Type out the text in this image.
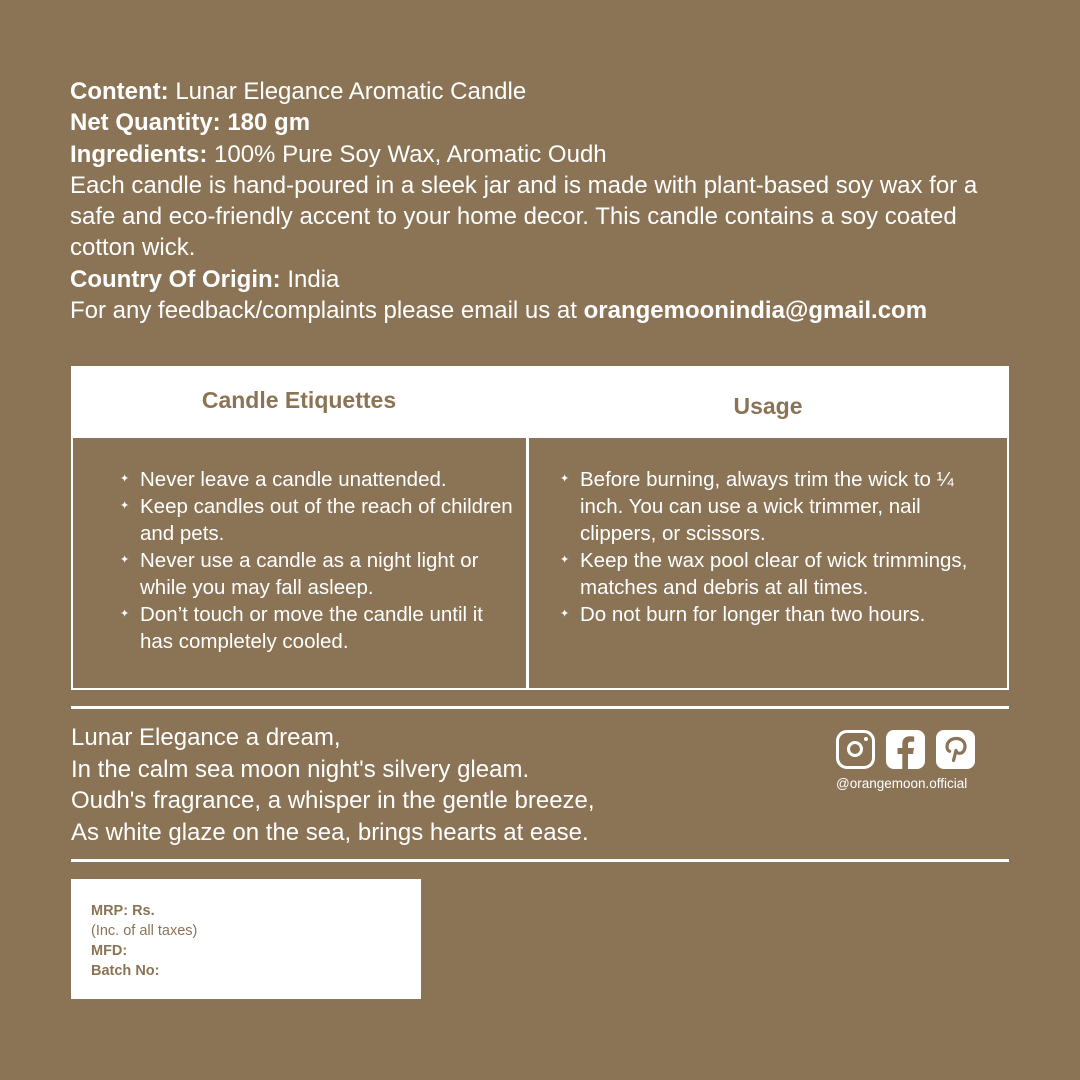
Content: Lunar Elegance Aromatic Candle
Net Quantity: 180 gm
Ingredients: 100% Pure Soy Wax, Aromatic Oudh
Each candle is hand-poured in a sleek jar and is made with plant-based soy wax for a safe and eco-friendly accent to your home decor. This candle contains a soy coated cotton wick.
Country Of Origin: India
For any feedback/complaints please email us at orangemoonindia@gmail.com
Candle Etiquettes	Usage

✦ Never leave a candle unattended.

✦ Keep candles out of the reach of children and pets.

✦ Never use a candle as a night light or while you may fall asleep.

✦ Don’t touch or move the candle until it has completely cooled.

✦ Before burning, always trim the wick to ¼ inch. You can use a wick trimmer, nail clippers, or scissors.

✦ Keep the wax pool clear of wick trimmings, matches and debris at all times.

✦ Do not burn for longer than two hours.

Lunar Elegance a dream,
In the calm sea moon night's silvery gleam.
Oudh's fragrance, a whisper in the gentle breeze,
As white glaze on the sea, brings hearts at ease.
@orangemoon.official
MRP: Rs.
(Inc. of all taxes)
MFD:
Batch No:
